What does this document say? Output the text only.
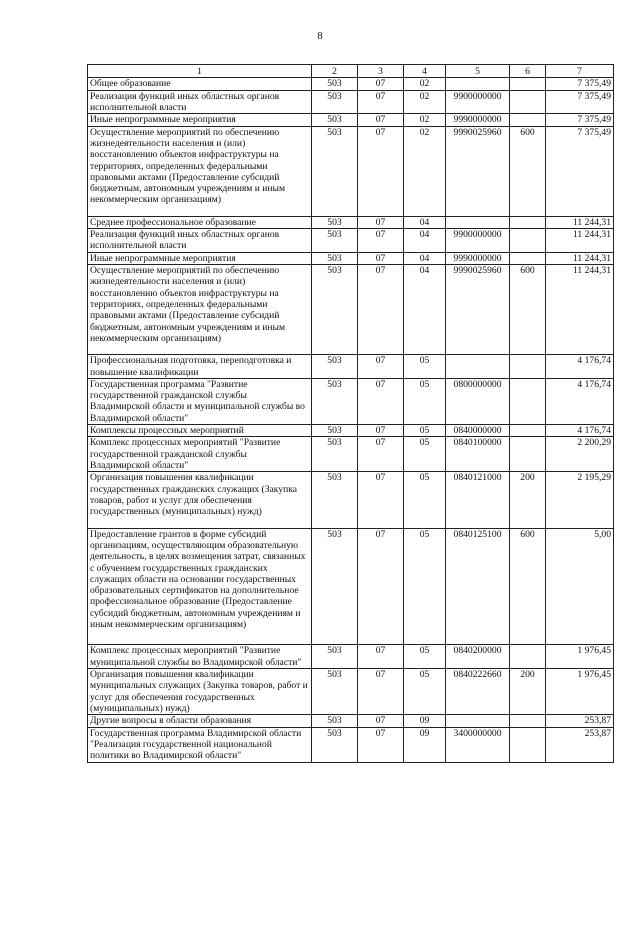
8
1	2	3	4	5	6	7
Общее образование	503	07	02			7 375,49
Реализация функций иных областных органов исполнительной власти	503	07	02	9900000000		7 375,49
Иные непрограммные мероприятия	503	07	02	9990000000		7 375,49
Осуществление мероприятий по обеспечению жизнедеятельности населения и (или) восстановлению объектов инфраструктуры на территориях, определенных федеральными правовыми актами (Предоставление субсидий бюджетным, автономным учреждениям и иным некоммерческим организациям)	503	07	02	9990025960	600	7 375,49
Среднее профессиональное образование	503	07	04			11 244,31
Реализация функций иных областных органов исполнительной власти	503	07	04	9900000000		11 244,31
Иные непрограммные мероприятия	503	07	04	9990000000		11 244,31
Осуществление мероприятий по обеспечению жизнедеятельности населения и (или) восстановлению объектов инфраструктуры на территориях, определенных федеральными правовыми актами (Предоставление субсидий бюджетным, автономным учреждениям и иным некоммерческим организациям)	503	07	04	9990025960	600	11 244,31
Профессиональная подготовка, переподготовка и повышение квалификации	503	07	05			4 176,74
Государственная программа "Развитие государственной гражданской службы Владимирской области и муниципальной службы во Владимирской области"	503	07	05	0800000000		4 176,74
Комплексы процессных мероприятий	503	07	05	0840000000		4 176,74
Комплекс процессных мероприятий "Развитие государственной гражданской службы Владимирской области"	503	07	05	0840100000		2 200,29
Организация повышения квалификации государственных гражданских служащих (Закупка товаров, работ и услуг для обеспечения государственных (муниципальных) нужд)	503	07	05	0840121000	200	2 195,29
Предоставление грантов в форме субсидий организациям, осуществляющим образовательную деятельность, в целях возмещения затрат, связанных с обучением государственных гражданских служащих области на основании государственных образовательных сертификатов на дополнительное профессиональное образование (Предоставление субсидий бюджетным, автономным учреждениям и иным некоммерческим организациям)	503	07	05	0840125100	600	5,00
Комплекс процессных мероприятий "Развитие муниципальной службы во Владимирской области"	503	07	05	0840200000		1 976,45
Организация повышения квалификации муниципальных служащих (Закупка товаров, работ и услуг для обеспечения государственных (муниципальных) нужд)	503	07	05	0840222660	200	1 976,45
Другие вопросы в области образования	503	07	09			253,87
Государственная программа Владимирской области "Реализация государственной национальной политики во Владимирской области"	503	07	09	3400000000		253,87
